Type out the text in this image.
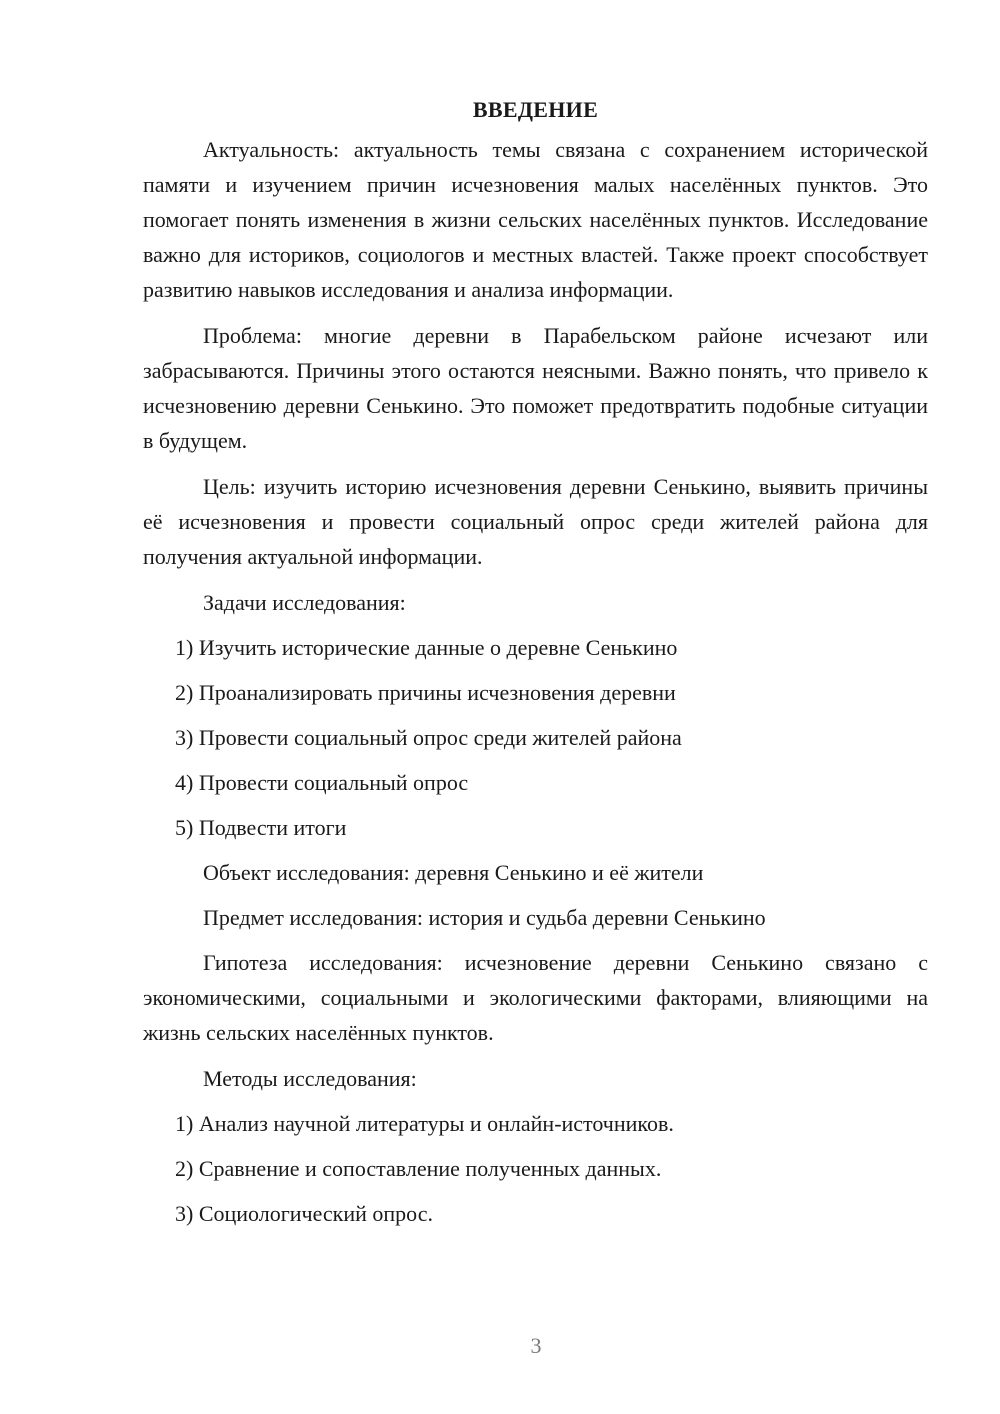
ВВЕДЕНИЕ

Актуальность: актуальность темы связана с сохранением исторической памяти и изучением причин исчезновения малых населённых пунктов. Это помогает понять изменения в жизни сельских населённых пунктов. Исследование важно для историков, социологов и местных властей. Также проект способствует развитию навыков исследования и анализа информации.

Проблема: многие деревни в Парабельском районе исчезают или забрасываются. Причины этого остаются неясными. Важно понять, что привело к исчезновению деревни Сенькино. Это поможет предотвратить подобные ситуации в будущем.

Цель: изучить историю исчезновения деревни Сенькино, выявить причины её исчезновения и провести социальный опрос среди жителей района для получения актуальной информации.

Задачи исследования:

1) Изучить исторические данные о деревне Сенькино

2) Проанализировать причины исчезновения деревни

3) Провести социальный опрос среди жителей района

4) Провести социальный опрос

5) Подвести итоги

Объект исследования: деревня Сенькино и её жители

Предмет исследования: история и судьба деревни Сенькино

Гипотеза исследования: исчезновение деревни Сенькино связано с экономическими, социальными и экологическими факторами, влияющими на жизнь сельских населённых пунктов.

Методы исследования:

1) Анализ научной литературы и онлайн-источников.

2) Сравнение и сопоставление полученных данных.

3) Социологический опрос.

3
